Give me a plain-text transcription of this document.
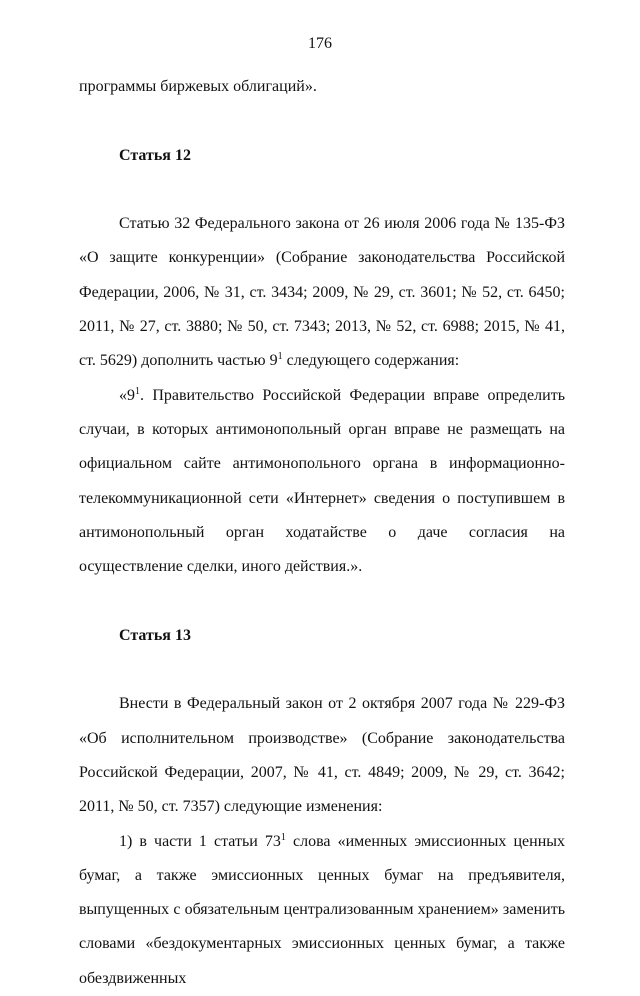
176

программы биржевых облигаций».

Статья 12

Статью 32 Федерального закона от 26 июля 2006 года № 135-ФЗ «О защите конкуренции» (Собрание законодательства Российской Федерации, 2006, № 31, ст. 3434; 2009, № 29, ст. 3601; № 52, ст. 6450; 2011, № 27, ст. 3880; № 50, ст. 7343; 2013, № 52, ст. 6988; 2015, № 41, ст. 5629) дополнить частью $9^1$ следующего содержания:

«$9^1$. Правительство Российской Федерации вправе определить случаи, в которых антимонопольный орган вправе не размещать на официальном сайте антимонопольного органа в информационно-телекоммуникационной сети «Интернет» сведения о поступившем в антимонопольный орган ходатайстве о даче согласия на осуществление сделки, иного действия.».

Статья 13

Внести в Федеральный закон от 2 октября 2007 года № 229-ФЗ «Об исполнительном производстве» (Собрание законодательства Российской Федерации, 2007, № 41, ст. 4849; 2009, № 29, ст. 3642; 2011, № 50, ст. 7357) следующие изменения:

1) в части 1 статьи $73^1$ слова «именных эмиссионных ценных бумаг, а также эмиссионных ценных бумаг на предъявителя, выпущенных с обязательным централизованным хранением» заменить словами «бездокументарных эмиссионных ценных бумаг, а также обездвиженных
